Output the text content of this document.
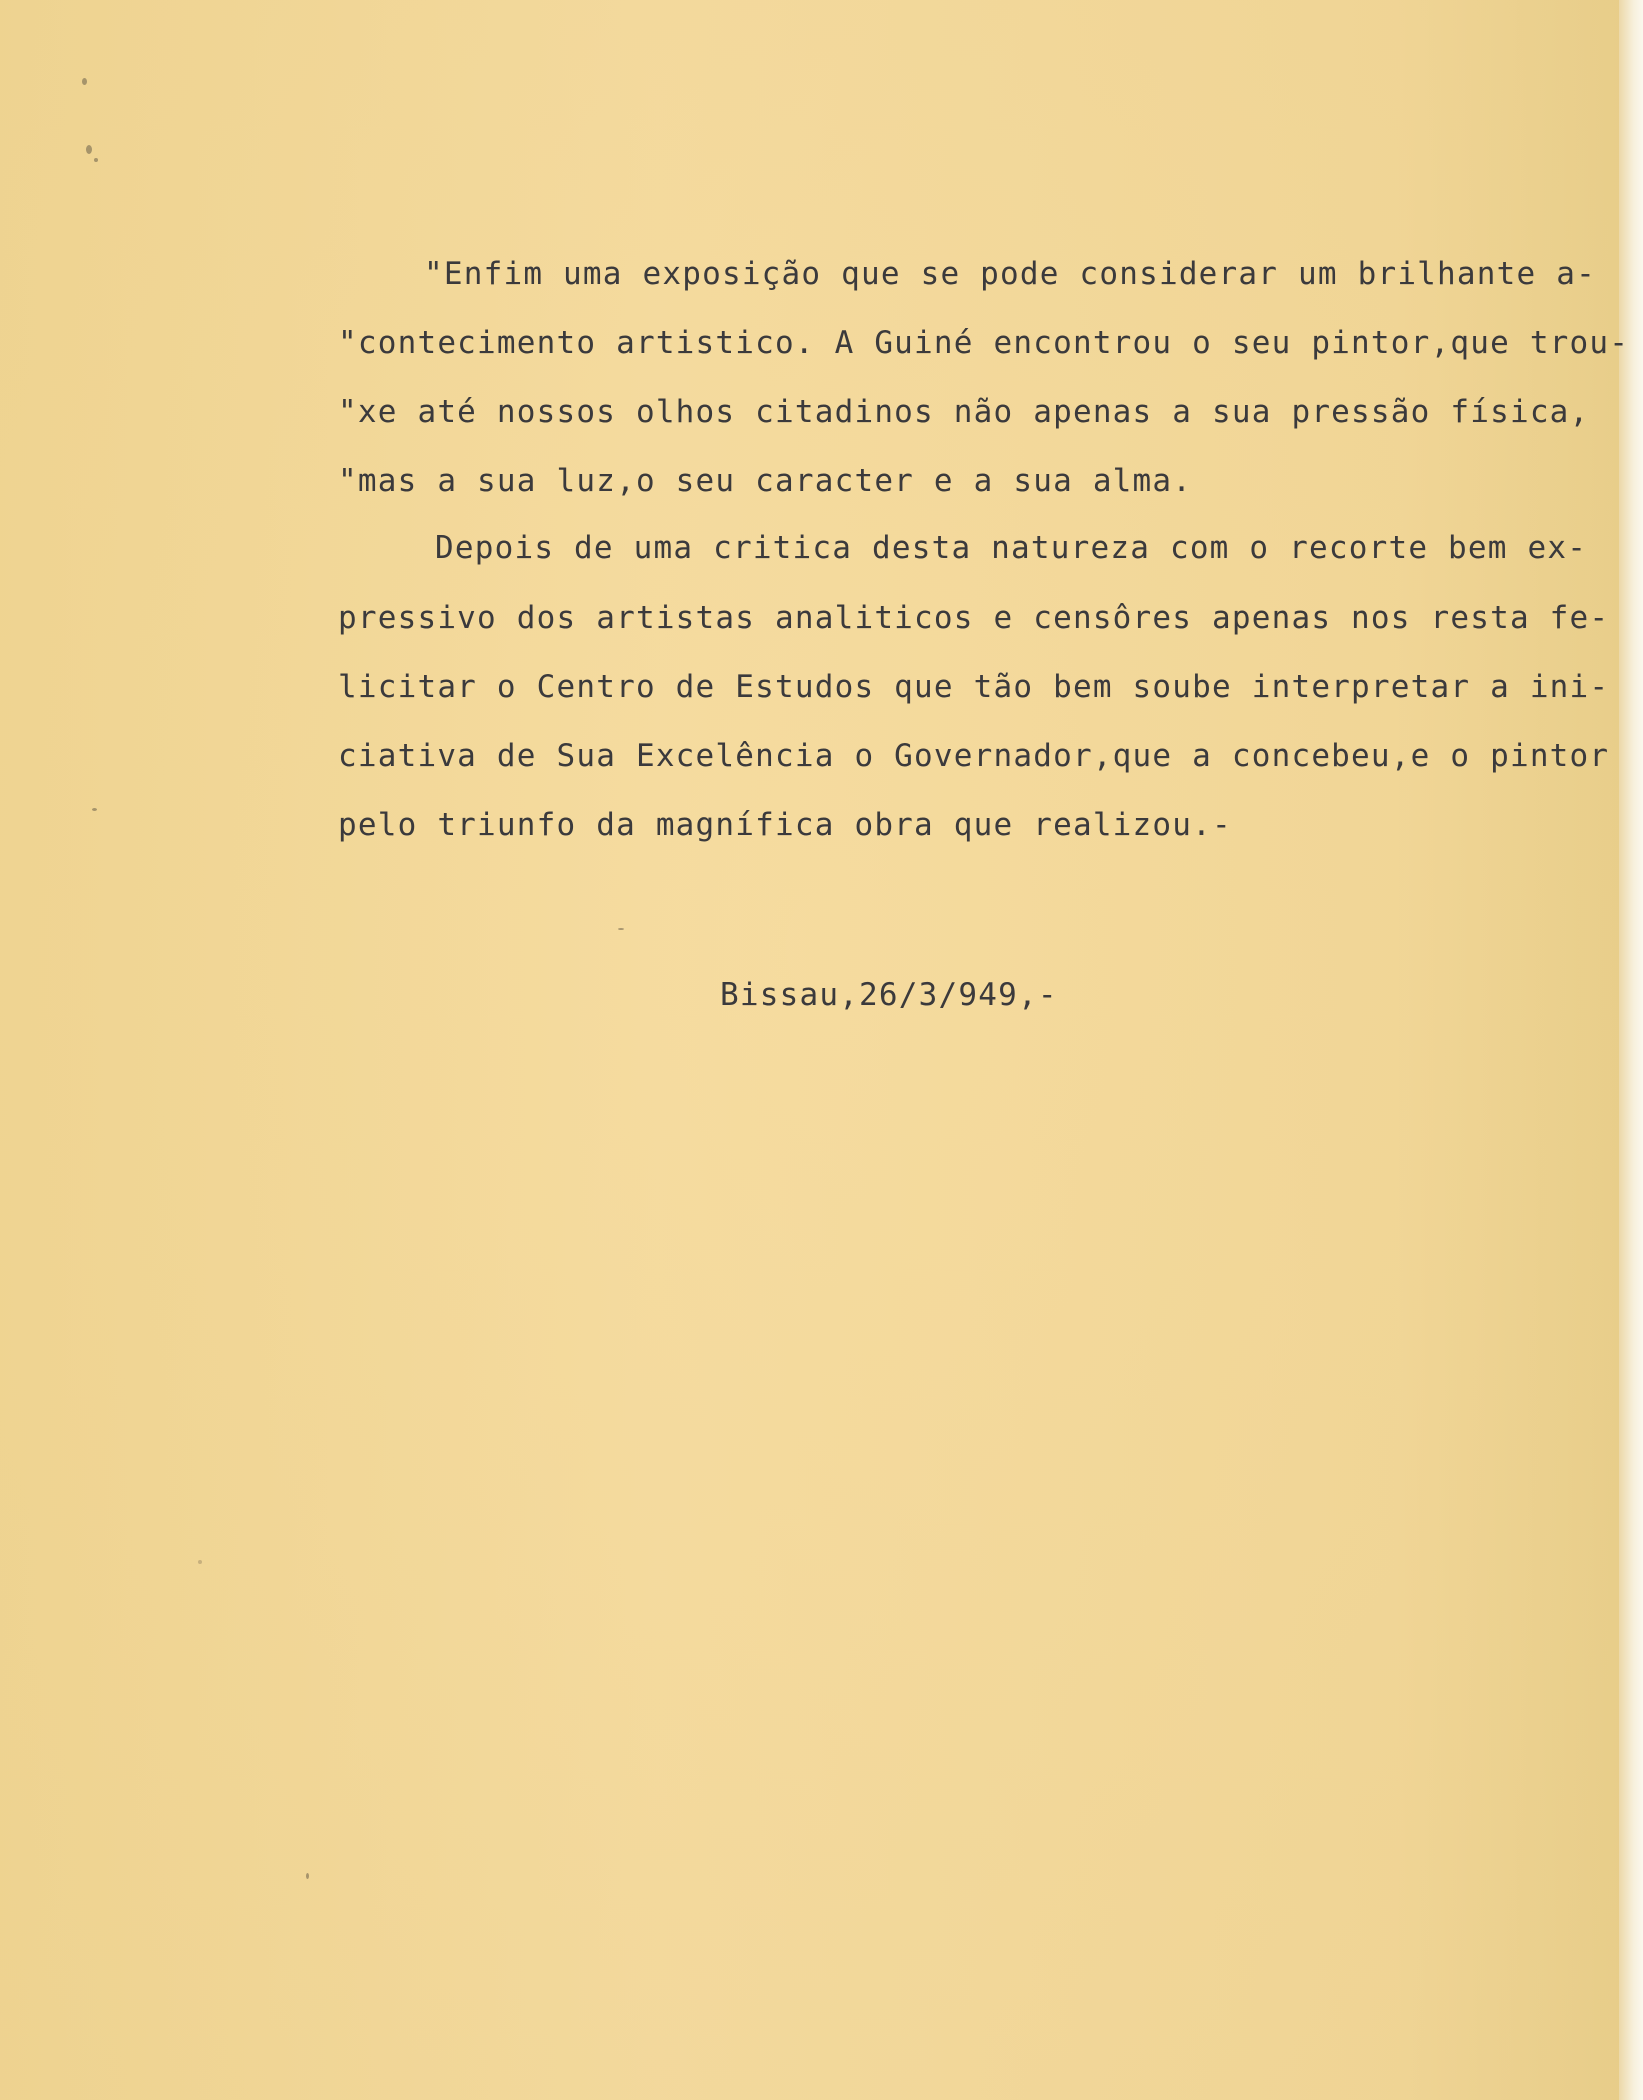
"Enfim uma exposição que se pode considerar um brilhante a-

"contecimento artistico. A Guiné encontrou o seu pintor,que trou-

"xe até nossos olhos citadinos não apenas a sua pressão física,

"mas a sua luz,o seu caracter e a sua alma.

Depois de uma critica desta natureza com o recorte bem ex-

pressivo dos artistas analiticos e censôres apenas nos resta fe-

licitar o Centro de Estudos que tão bem soube interpretar a ini-

ciativa de Sua Excelência o Governador,que a concebeu,e o pintor

pelo triunfo da magnífica obra que realizou.-

Bissau,26/3/949,-
